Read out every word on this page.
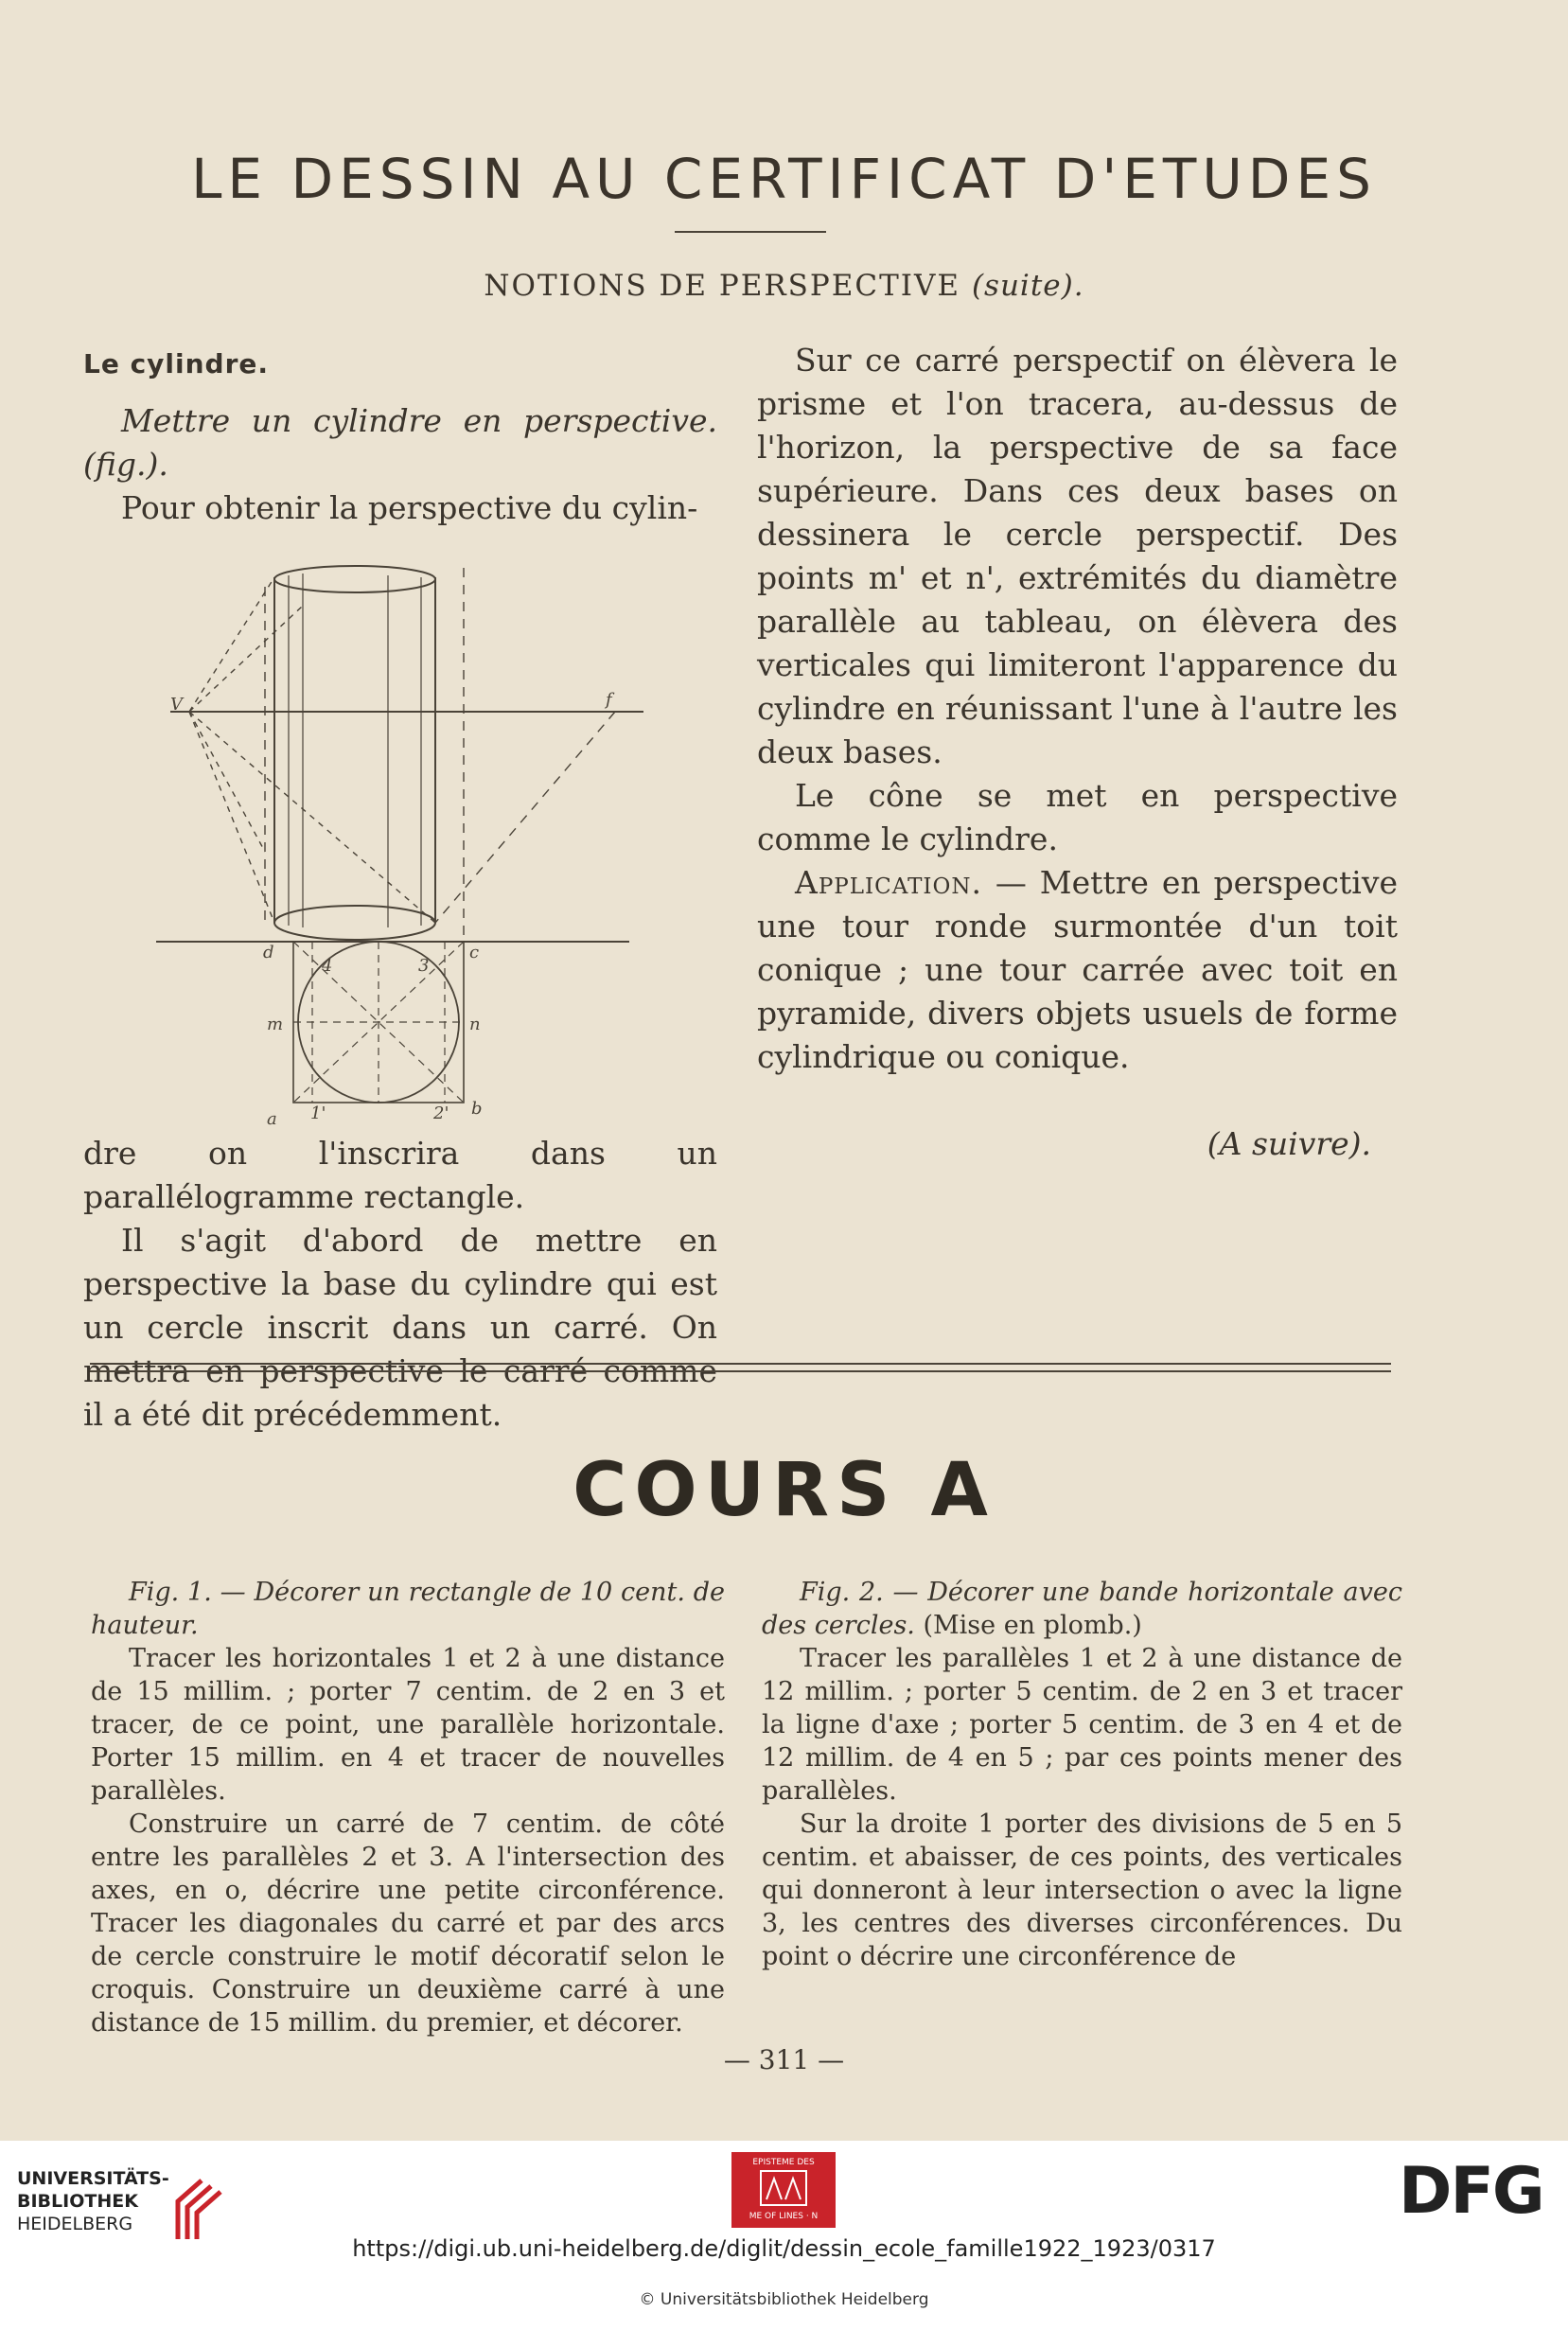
LE DESSIN AU CERTIFICAT D'ETUDES
NOTIONS DE PERSPECTIVE (suite).

Le cylindre.

Mettre un cylindre en perspective. (fig.).

Pour obtenir la perspective du cylin-

V	f
d	c
m	n
4	3
a 1'	2' b

dre on l'inscrira dans un parallélogramme rectangle.

Il s'agit d'abord de mettre en perspective la base du cylindre qui est un cercle inscrit dans un carré. On mettra en perspective le carré comme il a été dit précédemment.

Sur ce carré perspectif on élèvera le prisme et l'on tracera, au-dessus de l'horizon, la perspective de sa face supérieure. Dans ces deux bases on dessinera le cercle perspectif. Des points m' et n', extrémités du diamètre parallèle au tableau, on élèvera des verticales qui limiteront l'apparence du cylindre en réunissant l'une à l'autre les deux bases.

Le cône se met en perspective comme le cylindre.

Application. — Mettre en perspective une tour ronde surmontée d'un toit conique ; une tour carrée avec toit en pyramide, divers objets usuels de forme cylindrique ou conique.

(A suivre).

COURS A

Fig. 1. — Décorer un rectangle de 10 cent. de hauteur.

Tracer les horizontales 1 et 2 à une distance de 15 millim. ; porter 7 centim. de 2 en 3 et tracer, de ce point, une parallèle horizontale. Porter 15 millim. en 4 et tracer de nouvelles parallèles.

Construire un carré de 7 centim. de côté entre les parallèles 2 et 3. A l'intersection des axes, en o, décrire une petite circonférence. Tracer les diagonales du carré et par des arcs de cercle construire le motif décoratif selon le croquis. Construire un deuxième carré à une distance de 15 millim. du premier, et décorer.

Fig. 2. — Décorer une bande horizontale avec des cercles. (Mise en plomb.)

Tracer les parallèles 1 et 2 à une distance de 12 millim. ; porter 5 centim. de 2 en 3 et tracer la ligne d'axe ; porter 5 centim. de 3 en 4 et de 12 millim. de 4 en 5 ; par ces points mener des parallèles.

Sur la droite 1 porter des divisions de 5 en 5 centim. et abaisser, de ces points, des verticales qui donneront à leur intersection o avec la ligne 3, les centres des diverses circonférences. Du point o décrire une circonférence de

— 311 —
UNIVERSITÄTS-
BIBLIOTHEK
HEIDELBERG
EPISTEME DES
ME OF LINES · N	DFG
https://digi.ub.uni-heidelberg.de/diglit/dessin_ecole_famille1922_1923/0317
© Universitätsbibliothek Heidelberg
